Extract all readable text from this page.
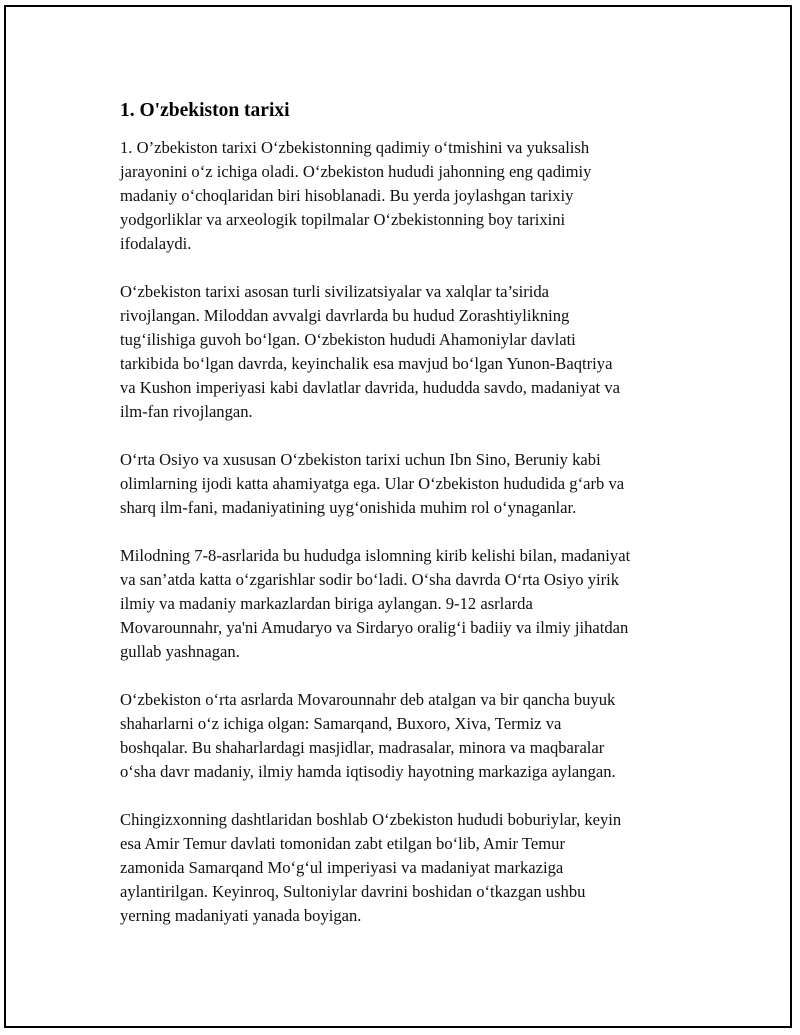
1. O'zbekiston tarixi

1. O’zbekiston tarixi O‘zbekistonning qadimiy o‘tmishini va yuksalish
jarayonini o‘z ichiga oladi. O‘zbekiston hududi jahonning eng qadimiy
madaniy o‘choqlaridan biri hisoblanadi. Bu yerda joylashgan tarixiy
yodgorliklar va arxeologik topilmalar O‘zbekistonning boy tarixini
ifodalaydi.

O‘zbekiston tarixi asosan turli sivilizatsiyalar va xalqlar ta’sirida
rivojlangan. Miloddan avvalgi davrlarda bu hudud Zorashtiylikning
tug‘ilishiga guvoh bo‘lgan. O‘zbekiston hududi Ahamoniylar davlati
tarkibida bo‘lgan davrda, keyinchalik esa mavjud bo‘lgan Yunon-Baqtriya
va Kushon imperiyasi kabi davlatlar davrida, hududda savdo, madaniyat va
ilm-fan rivojlangan.

O‘rta Osiyo va xususan O‘zbekiston tarixi uchun Ibn Sino, Beruniy kabi
olimlarning ijodi katta ahamiyatga ega. Ular O‘zbekiston hududida g‘arb va
sharq ilm-fani, madaniyatining uyg‘onishida muhim rol o‘ynaganlar.

Milodning 7-8-asrlarida bu hududga islomning kirib kelishi bilan, madaniyat
va san’atda katta o‘zgarishlar sodir bo‘ladi. O‘sha davrda O‘rta Osiyo yirik
ilmiy va madaniy markazlardan biriga aylangan. 9-12 asrlarda
Movarounnahr, ya'ni Amudaryo va Sirdaryo oralig‘i badiiy va ilmiy jihatdan
gullab yashnagan.

O‘zbekiston o‘rta asrlarda Movarounnahr deb atalgan va bir qancha buyuk
shaharlarni o‘z ichiga olgan: Samarqand, Buxoro, Xiva, Termiz va
boshqalar. Bu shaharlardagi masjidlar, madrasalar, minora va maqbaralar
o‘sha davr madaniy, ilmiy hamda iqtisodiy hayotning markaziga aylangan.

Chingizxonning dashtlaridan boshlab O‘zbekiston hududi boburiylar, keyin
esa Amir Temur davlati tomonidan zabt etilgan bo‘lib, Amir Temur
zamonida Samarqand Mo‘g‘ul imperiyasi va madaniyat markaziga
aylantirilgan. Keyinroq, Sultoniylar davrini boshidan o‘tkazgan ushbu
yerning madaniyati yanada boyigan.
